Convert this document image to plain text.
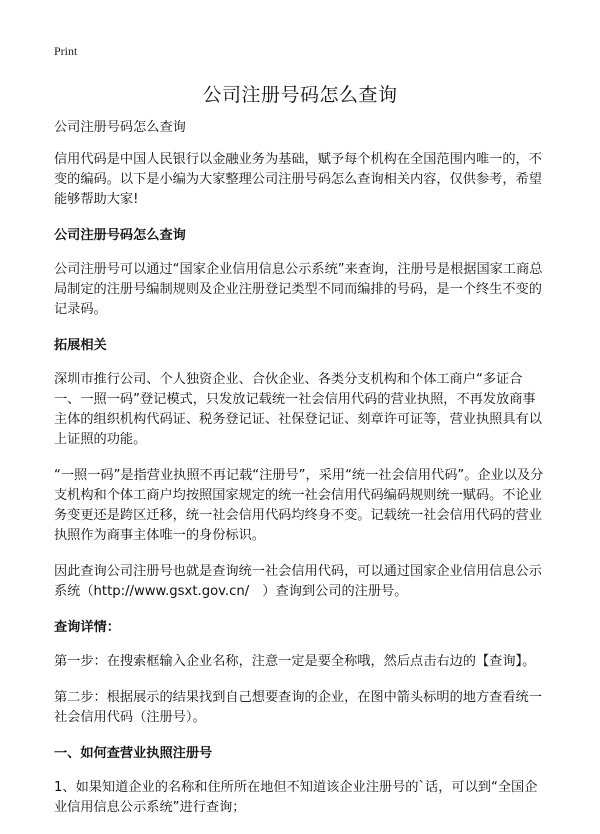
Print
公司注册号码怎么查询

公司注册号码怎么查询

信用代码是中国人民银行以金融业务为基础，赋予每个机构在全国范围内唯一的，不变的编码。以下是小编为大家整理公司注册号码怎么查询相关内容，仅供参考，希望能够帮助大家!

公司注册号码怎么查询

公司注册号可以通过“国家企业信用信息公示系统”来查询，注册号是根据国家工商总局制定的注册号编制规则及企业注册登记类型不同而编排的号码，是一个终生不变的记录码。

拓展相关

深圳市推行公司、个人独资企业、合伙企业、各类分支机构和个体工商户“多证合一、一照一码”登记模式，只发放记载统一社会信用代码的营业执照，不再发放商事主体的组织机构代码证、税务登记证、社保登记证、刻章许可证等，营业执照具有以上证照的功能。

“一照一码”是指营业执照不再记载“注册号”，采用“统一社会信用代码”。企业以及分支机构和个体工商户均按照国家规定的统一社会信用代码编码规则统一赋码。不论业务变更还是跨区迁移，统一社会信用代码均终身不变。记载统一社会信用代码的营业执照作为商事主体唯一的身份标识。

因此查询公司注册号也就是查询统一社会信用代码，可以通过国家企业信用信息公示系统（http://www.gsxt.gov.cn/　）查询到公司的注册号。

查询详情：

第一步：在搜索框输入企业名称，注意一定是要全称哦，然后点击右边的【查询】。

第二步：根据展示的结果找到自己想要查询的企业，在图中箭头标明的地方查看统一社会信用代码（注册号）。

一、如何查营业执照注册号

1、如果知道企业的名称和住所所在地但不知道该企业注册号的`话，可以到“全国企业信用信息公示系统”进行查询；
